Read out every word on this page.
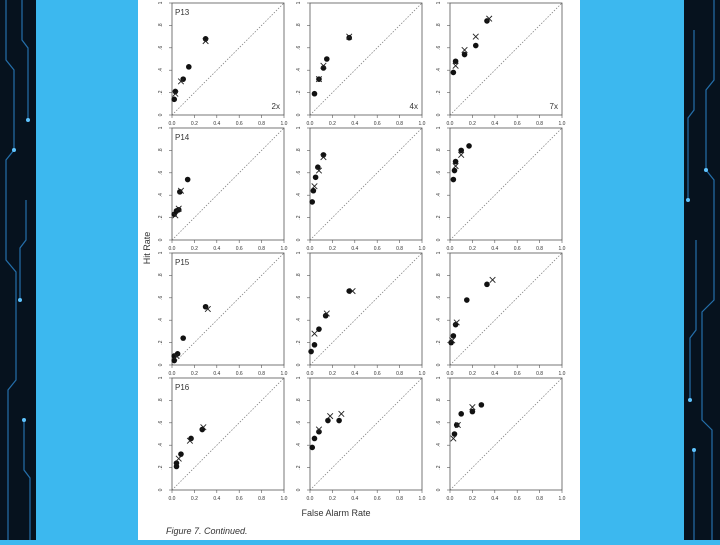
0.0	0.2	0.4	0.6	0.8	1.0
0
.2
.4
.6
.8
1
P13
2x
0.0	0.2	0.4	0.6	0.8	1.0
0
.2
.4
.6
.8
1
4x
0.0	0.2	0.4	0.6	0.8	1.0
0
.2
.4
.6
.8
1
7x
0.0	0.2	0.4	0.6	0.8	1.0
0
.2
.4
.6
.8
1
P14
0.0	0.2	0.4	0.6	0.8	1.0
0
.2
.4
.6
.8
1
0.0	0.2	0.4	0.6	0.8	1.0
0
.2
.4
.6
.8
1
0.0	0.2	0.4	0.6	0.8	1.0
0
.2
.4
.6
.8
1
P15
0.0	0.2	0.4	0.6	0.8	1.0
0
.2
.4
.6
.8
1
0.0	0.2	0.4	0.6	0.8	1.0
0
.2
.4
.6
.8
1
0.0	0.2	0.4	0.6	0.8	1.0
0
.2
.4
.6
.8
1
P16
0.0	0.2	0.4	0.6	0.8	1.0
0
.2
.4
.6
.8
1
0.0	0.2	0.4	0.6	0.8	1.0
0
.2
.4
.6
.8
1
False Alarm Rate
Hit Rate
Figure 7. Continued.
